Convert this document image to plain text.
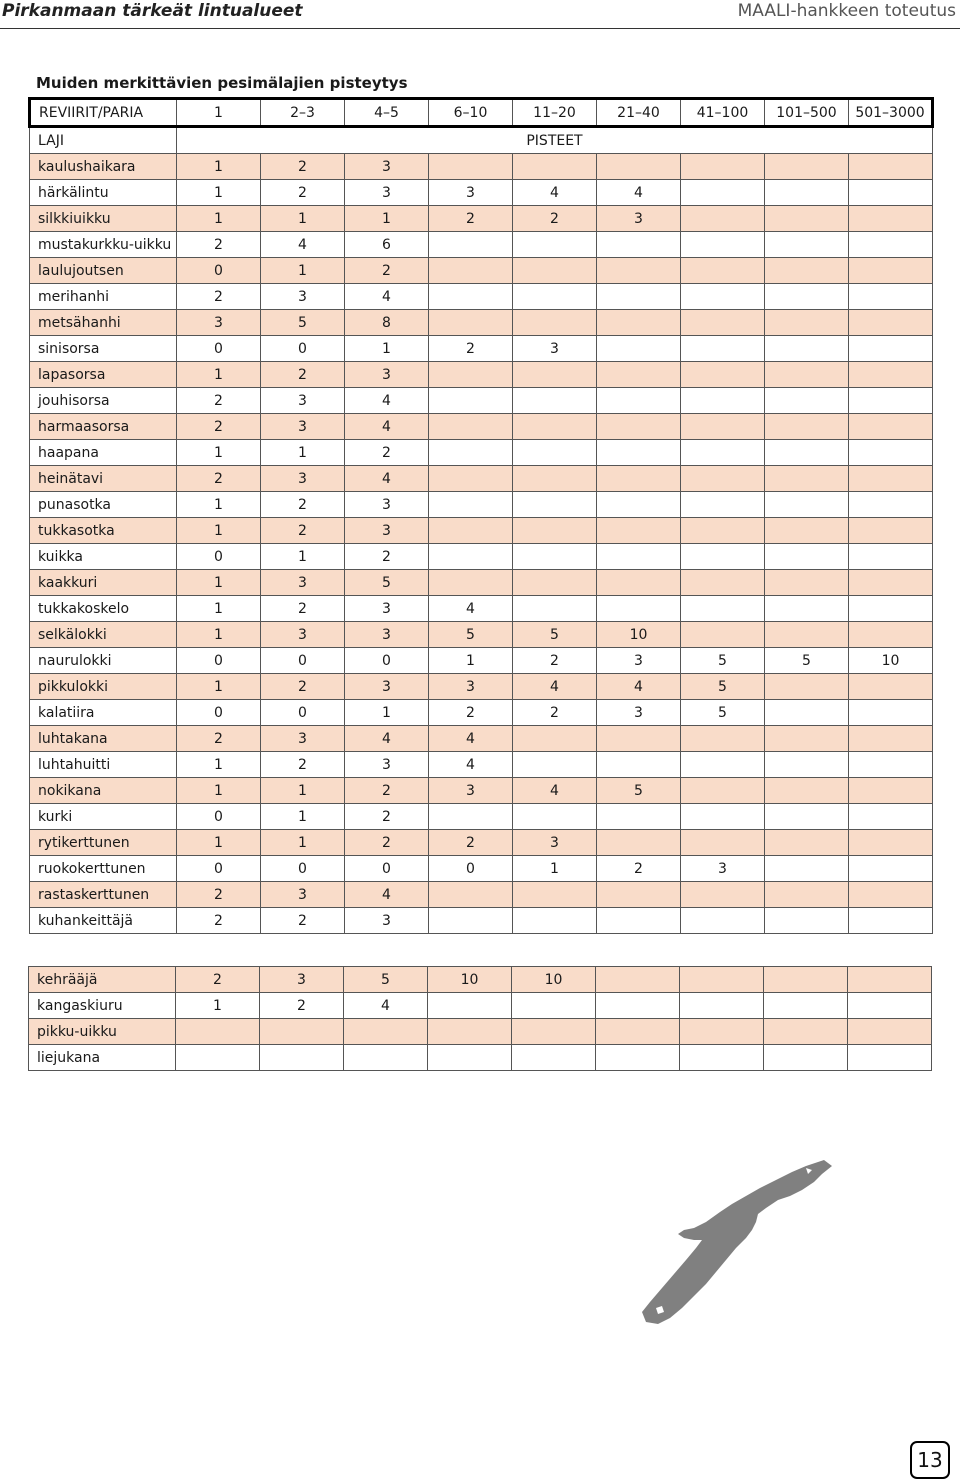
Pirkanmaan tärkeät lintualueet	MAALI-hankkeen toteutus
Muiden merkittävien pesimälajien pisteytys
REVIIRIT/PARIA	1	2–3	4–5	6–10	11–20	21–40	41–100	101–500	501–3000
LAJI	PISTEET								
kaulushaikara	1	2	3						
härkälintu	1	2	3	3	4	4			
silkkiuikku	1	1	1	2	2	3			
mustakurkku-uikku	2	4	6						
laulujoutsen	0	1	2						
merihanhi	2	3	4						
metsähanhi	3	5	8						
sinisorsa	0	0	1	2	3				
lapasorsa	1	2	3						
jouhisorsa	2	3	4						
harmaasorsa	2	3	4						
haapana	1	1	2						
heinätavi	2	3	4						
punasotka	1	2	3						
tukkasotka	1	2	3						
kuikka	0	1	2						
kaakkuri	1	3	5						
tukkakoskelo	1	2	3	4					
selkälokki	1	3	3	5	5	10			
naurulokki	0	0	0	1	2	3	5	5	10
pikkulokki	1	2	3	3	4	4	5		
kalatiira	0	0	1	2	2	3	5		
luhtakana	2	3	4	4					
luhtahuitti	1	2	3	4					
nokikana	1	1	2	3	4	5			
kurki	0	1	2						
rytikerttunen	1	1	2	2	3				
ruokokerttunen	0	0	0	0	1	2	3		
rastaskerttunen	2	3	4						
kuhankeittäjä	2	2	3						
kehrääjä	2	3	5	10	10				
kangaskiuru	1	2	4						
pikku-uikku									
liejukana									
13
